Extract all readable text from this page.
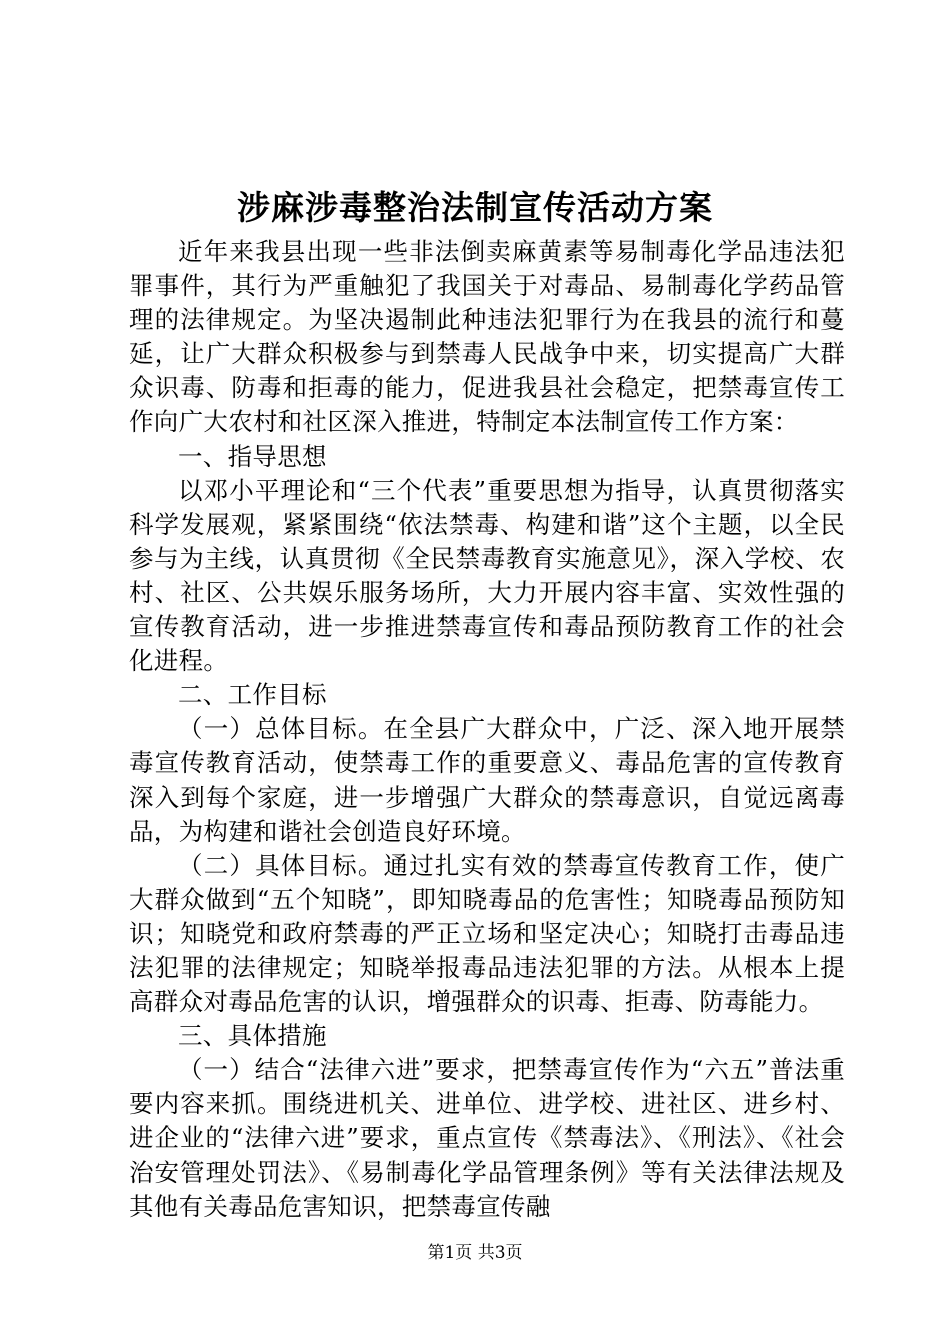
涉麻涉毒整治法制宣传活动方案

近年来我县出现一些非法倒卖麻黄素等易制毒化学品违法犯罪事件，其行为严重触犯了我国关于对毒品、易制毒化学药品管理的法律规定。为坚决遏制此种违法犯罪行为在我县的流行和蔓延，让广大群众积极参与到禁毒人民战争中来，切实提高广大群众识毒、防毒和拒毒的能力，促进我县社会稳定，把禁毒宣传工作向广大农村和社区深入推进，特制定本法制宣传工作方案：

一、指导思想

以邓小平理论和“三个代表”重要思想为指导，认真贯彻落实科学发展观，紧紧围绕“依法禁毒、构建和谐”这个主题，以全民参与为主线，认真贯彻《全民禁毒教育实施意见》，深入学校、农村、社区、公共娱乐服务场所，大力开展内容丰富、实效性强的宣传教育活动，进一步推进禁毒宣传和毒品预防教育工作的社会化进程。

二、工作目标

（一）总体目标。在全县广大群众中，广泛、深入地开展禁毒宣传教育活动，使禁毒工作的重要意义、毒品危害的宣传教育深入到每个家庭，进一步增强广大群众的禁毒意识，自觉远离毒品，为构建和谐社会创造良好环境。

（二）具体目标。通过扎实有效的禁毒宣传教育工作，使广大群众做到“五个知晓”，即知晓毒品的危害性；知晓毒品预防知识；知晓党和政府禁毒的严正立场和坚定决心；知晓打击毒品违法犯罪的法律规定；知晓举报毒品违法犯罪的方法。从根本上提高群众对毒品危害的认识，增强群众的识毒、拒毒、防毒能力。

三、具体措施

（一）结合“法律六进”要求，把禁毒宣传作为“六五”普法重要内容来抓。围绕进机关、进单位、进学校、进社区、进乡村、进企业的“法律六进”要求，重点宣传《禁毒法》、《刑法》、《社会治安管理处罚法》、《易制毒化学品管理条例》等有关法律法规及其他有关毒品危害知识，把禁毒宣传融

第1页 共3页
